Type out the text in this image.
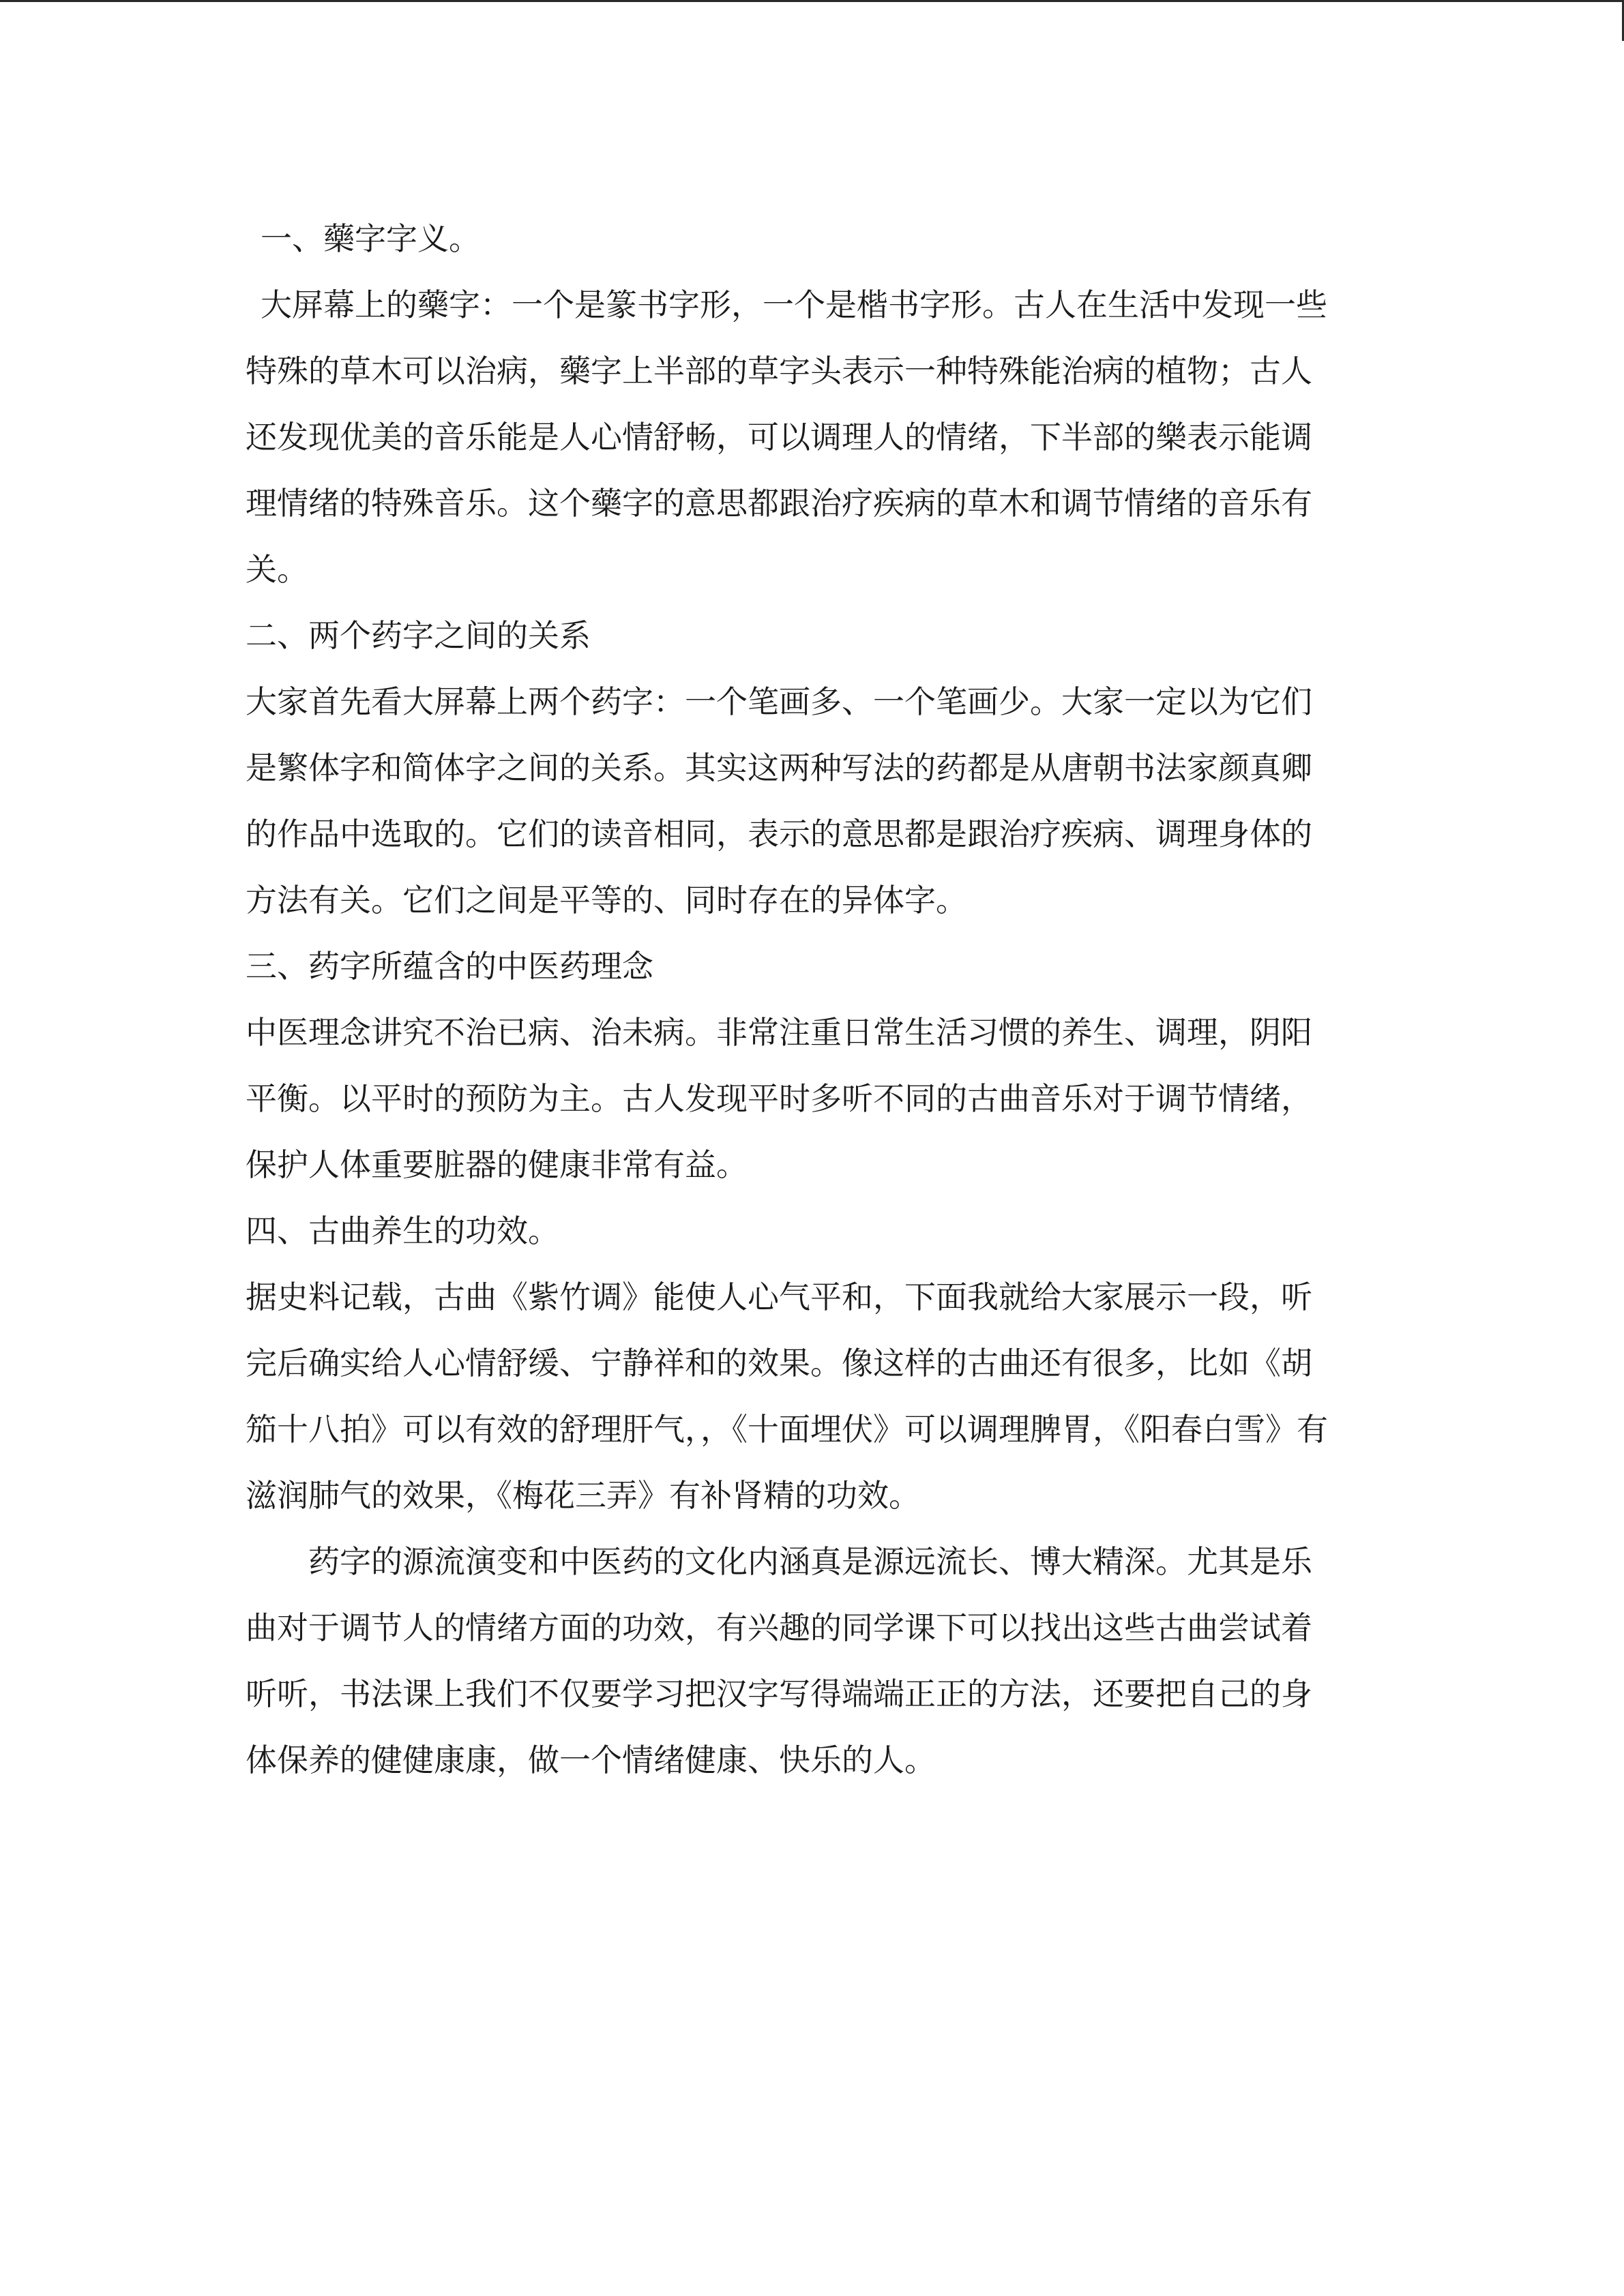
一、藥字字义。
大屏幕上的藥字：一个是篆书字形，一个是楷书字形。古人在生活中发现一些
特殊的草木可以治病，藥字上半部的草字头表示一种特殊能治病的植物；古人
还发现优美的音乐能是人心情舒畅，可以调理人的情绪，下半部的樂表示能调
理情绪的特殊音乐。这个藥字的意思都跟治疗疾病的草木和调节情绪的音乐有
关。
二、两个药字之间的关系
大家首先看大屏幕上两个药字：一个笔画多、一个笔画少。大家一定以为它们
是繁体字和简体字之间的关系。其实这两种写法的药都是从唐朝书法家颜真卿
的作品中选取的。它们的读音相同，表示的意思都是跟治疗疾病、调理身体的
方法有关。它们之间是平等的、同时存在的异体字。
三、药字所蕴含的中医药理念
中医理念讲究不治已病、治未病。非常注重日常生活习惯的养生、调理，阴阳
平衡。以平时的预防为主。古人发现平时多听不同的古曲音乐对于调节情绪，
保护人体重要脏器的健康非常有益。
四、古曲养生的功效。
据史料记载，古曲《紫竹调》能使人心气平和，下面我就给大家展示一段，听
完后确实给人心情舒缓、宁静祥和的效果。像这样的古曲还有很多，比如《胡
笳十八拍》可以有效的舒理肝气，，《十面埋伏》可以调理脾胃，《阳春白雪》有
滋润肺气的效果，《梅花三弄》有补肾精的功效。
药字的源流演变和中医药的文化内涵真是源远流长、博大精深。尤其是乐
曲对于调节人的情绪方面的功效，有兴趣的同学课下可以找出这些古曲尝试着
听听，书法课上我们不仅要学习把汉字写得端端正正的方法，还要把自己的身
体保养的健健康康，做一个情绪健康、快乐的人。
